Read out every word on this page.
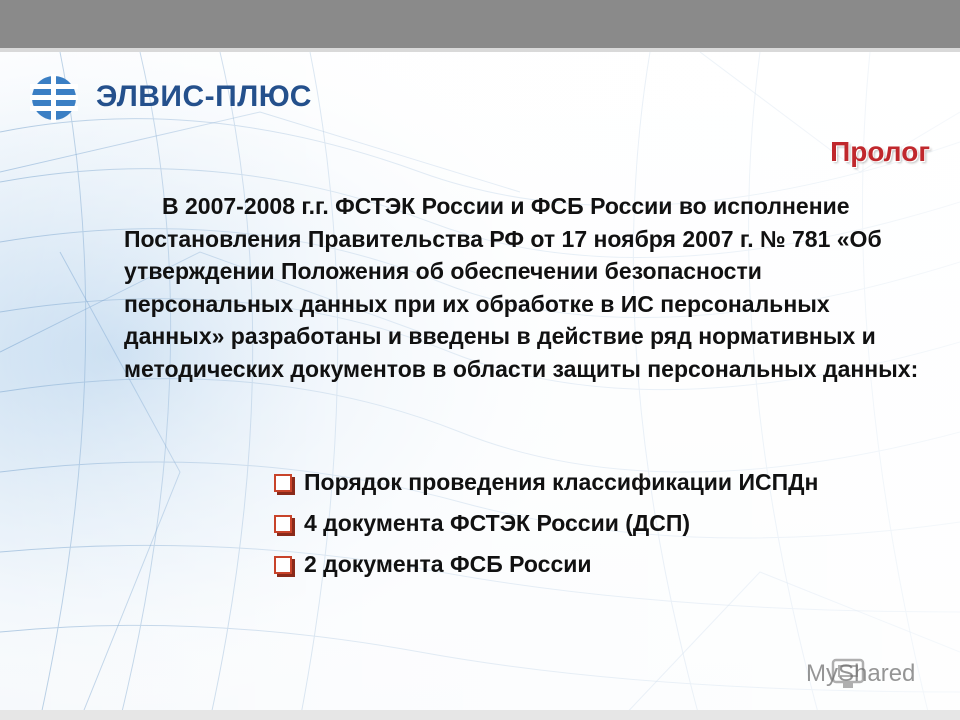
ЭЛВИС-ПЛЮС
Пролог
В 2007-2008 г.г. ФСТЭК России и ФСБ России во исполнение Постановления Правительства РФ от 17 ноября 2007 г. № 781 «Об утверждении Положения об обеспечении безопасности персональных данных при их обработке в ИС персональных данных» разработаны и введены в действие ряд нормативных и методических документов в области защиты персональных данных:
Порядок проведения классификации ИСПДн
4 документа ФСТЭК России (ДСП)
2 документа ФСБ России
MyShared
